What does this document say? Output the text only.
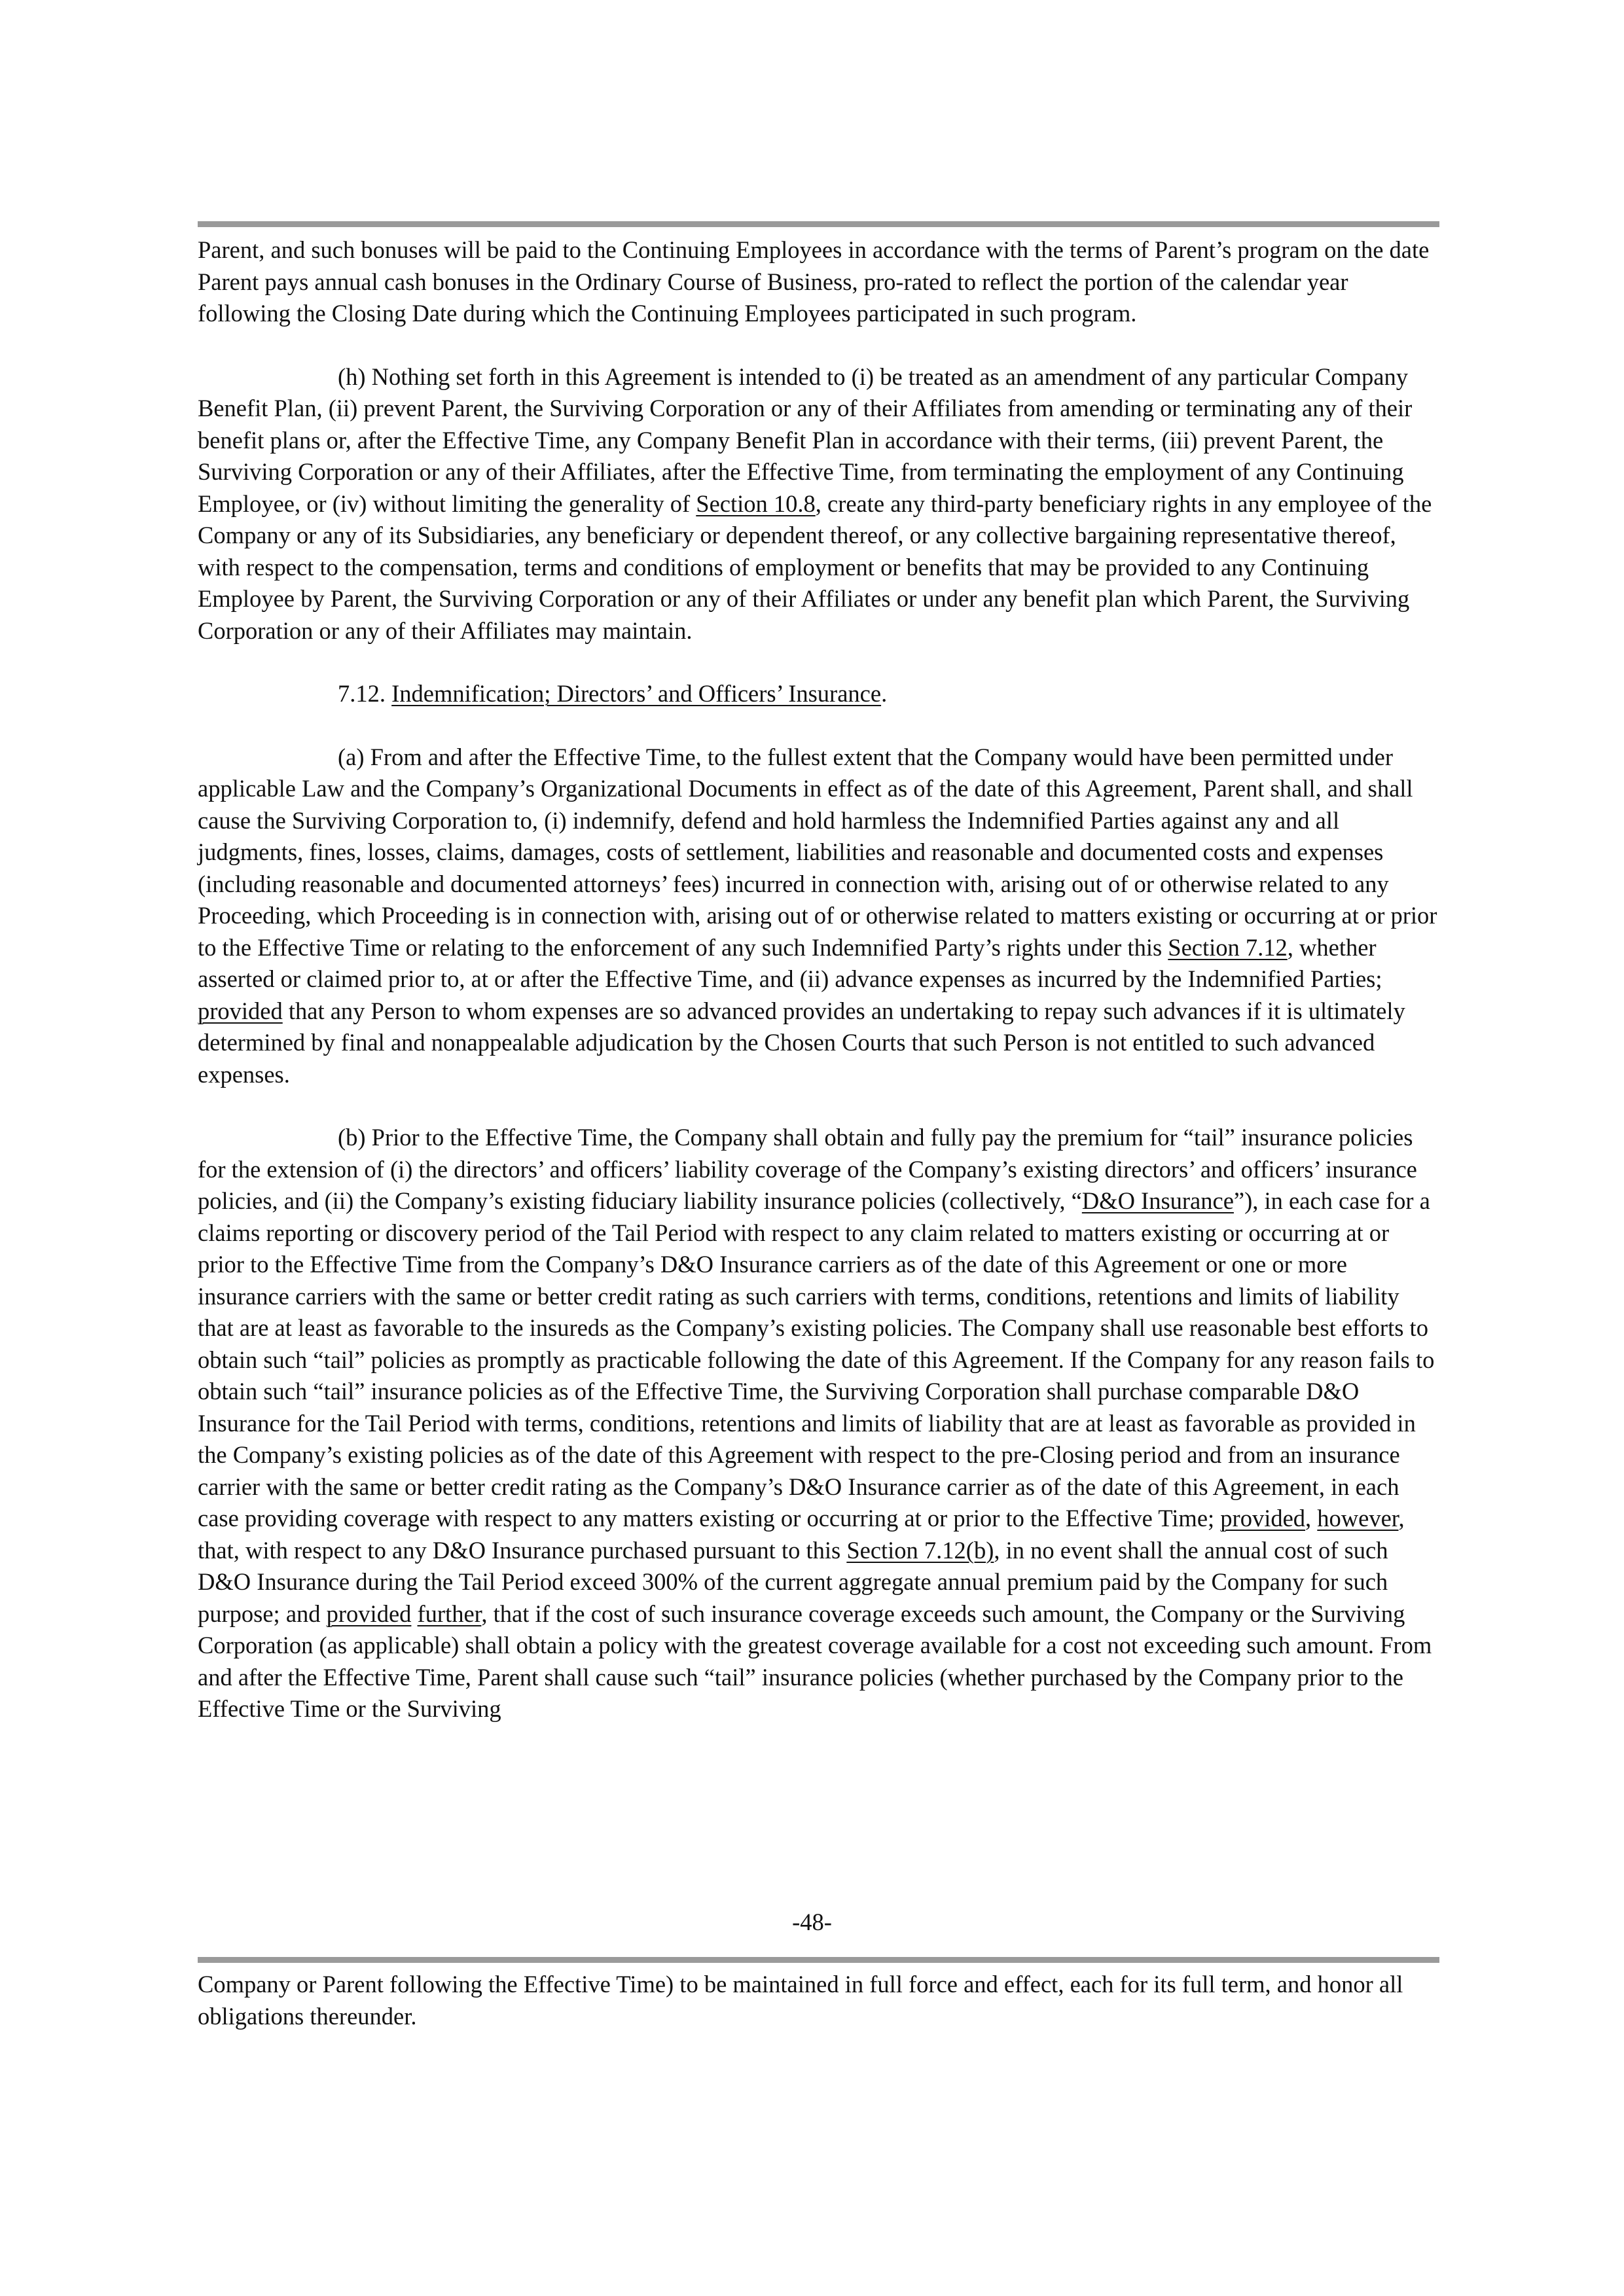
Parent, and such bonuses will be paid to the Continuing Employees in accordance with the terms of Parent’s program on the date Parent pays annual cash bonuses in the Ordinary Course of Business, pro-rated to reflect the portion of the calendar year following the Closing Date during which the Continuing Employees participated in such program.

(h) Nothing set forth in this Agreement is intended to (i) be treated as an amendment of any particular Company Benefit Plan, (ii) prevent Parent, the Surviving Corporation or any of their Affiliates from amending or terminating any of their benefit plans or, after the Effective Time, any Company Benefit Plan in accordance with their terms, (iii) prevent Parent, the Surviving Corporation or any of their Affiliates, after the Effective Time, from terminating the employment of any Continuing Employee, or (iv) without limiting the generality of Section 10.8, create any third-party beneficiary rights in any employee of the Company or any of its Subsidiaries, any beneficiary or dependent thereof, or any collective bargaining representative thereof, with respect to the compensation, terms and conditions of employment or benefits that may be provided to any Continuing Employee by Parent, the Surviving Corporation or any of their Affiliates or under any benefit plan which Parent, the Surviving Corporation or any of their Affiliates may maintain.

7.12. Indemnification; Directors’ and Officers’ Insurance.

(a) From and after the Effective Time, to the fullest extent that the Company would have been permitted under applicable Law and the Company’s Organizational Documents in effect as of the date of this Agreement, Parent shall, and shall cause the Surviving Corporation to, (i) indemnify, defend and hold harmless the Indemnified Parties against any and all judgments, fines, losses, claims, damages, costs of settlement, liabilities and reasonable and documented costs and expenses (including reasonable and documented attorneys’ fees) incurred in connection with, arising out of or otherwise related to any Proceeding, which Proceeding is in connection with, arising out of or otherwise related to matters existing or occurring at or prior to the Effective Time or relating to the enforcement of any such Indemnified Party’s rights under this Section 7.12, whether asserted or claimed prior to, at or after the Effective Time, and (ii) advance expenses as incurred by the Indemnified Parties; provided that any Person to whom expenses are so advanced provides an undertaking to repay such advances if it is ultimately determined by final and nonappealable adjudication by the Chosen Courts that such Person is not entitled to such advanced expenses.

(b) Prior to the Effective Time, the Company shall obtain and fully pay the premium for “tail” insurance policies for the extension of (i) the directors’ and officers’ liability coverage of the Company’s existing directors’ and officers’ insurance policies, and (ii) the Company’s existing fiduciary liability insurance policies (collectively, “D&O Insurance”), in each case for a claims reporting or discovery period of the Tail Period with respect to any claim related to matters existing or occurring at or prior to the Effective Time from the Company’s D&O Insurance carriers as of the date of this Agreement or one or more insurance carriers with the same or better credit rating as such carriers with terms, conditions, retentions and limits of liability that are at least as favorable to the insureds as the Company’s existing policies. The Company shall use reasonable best efforts to obtain such “tail” policies as promptly as practicable following the date of this Agreement. If the Company for any reason fails to obtain such “tail” insurance policies as of the Effective Time, the Surviving Corporation shall purchase comparable D&O Insurance for the Tail Period with terms, conditions, retentions and limits of liability that are at least as favorable as provided in the Company’s existing policies as of the date of this Agreement with respect to the pre-Closing period and from an insurance carrier with the same or better credit rating as the Company’s D&O Insurance carrier as of the date of this Agreement, in each case providing coverage with respect to any matters existing or occurring at or prior to the Effective Time; provided, however, that, with respect to any D&O Insurance purchased pursuant to this Section 7.12(b), in no event shall the annual cost of such D&O Insurance during the Tail Period exceed 300% of the current aggregate annual premium paid by the Company for such purpose; and provided further, that if the cost of such insurance coverage exceeds such amount, the Company or the Surviving Corporation (as applicable) shall obtain a policy with the greatest coverage available for a cost not exceeding such amount. From and after the Effective Time, Parent shall cause such “tail” insurance policies (whether purchased by the Company prior to the Effective Time or the Surviving

-48-

Company or Parent following the Effective Time) to be maintained in full force and effect, each for its full term, and honor all obligations thereunder.
